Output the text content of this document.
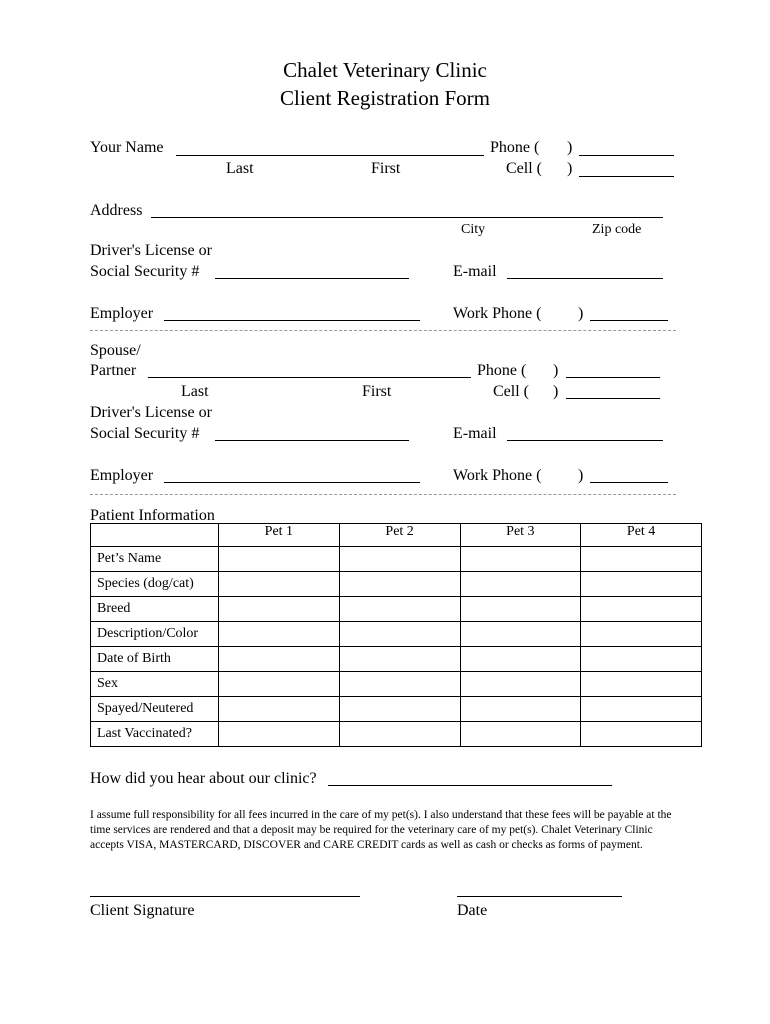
Chalet Veterinary Clinic
Client Registration Form
Your Name	Phone ( )
Last	First	Cell ( )
Address
City	Zip code
Driver's License or
Social Security #	E-mail
Employer	Work Phone ( )
Spouse/
Partner	Phone ( )
Last	First	Cell ( )
Driver's License or
Social Security #	E-mail
Employer	Work Phone ( )
Patient Information
	Pet 1	Pet 2	Pet 3	Pet 4
Pet’s Name				
Species (dog/cat)				
Breed				
Description/Color				
Date of Birth				
Sex				
Spayed/Neutered				
Last Vaccinated?				
How did you hear about our clinic?
I assume full responsibility for all fees incurred in the care of my pet(s). I also understand that these fees will be payable at the time services are rendered and that a deposit may be required for the veterinary care of my pet(s). Chalet Veterinary Clinic accepts VISA, MASTERCARD, DISCOVER and CARE CREDIT cards as well as cash or checks as forms of payment.
Client Signature	Date
